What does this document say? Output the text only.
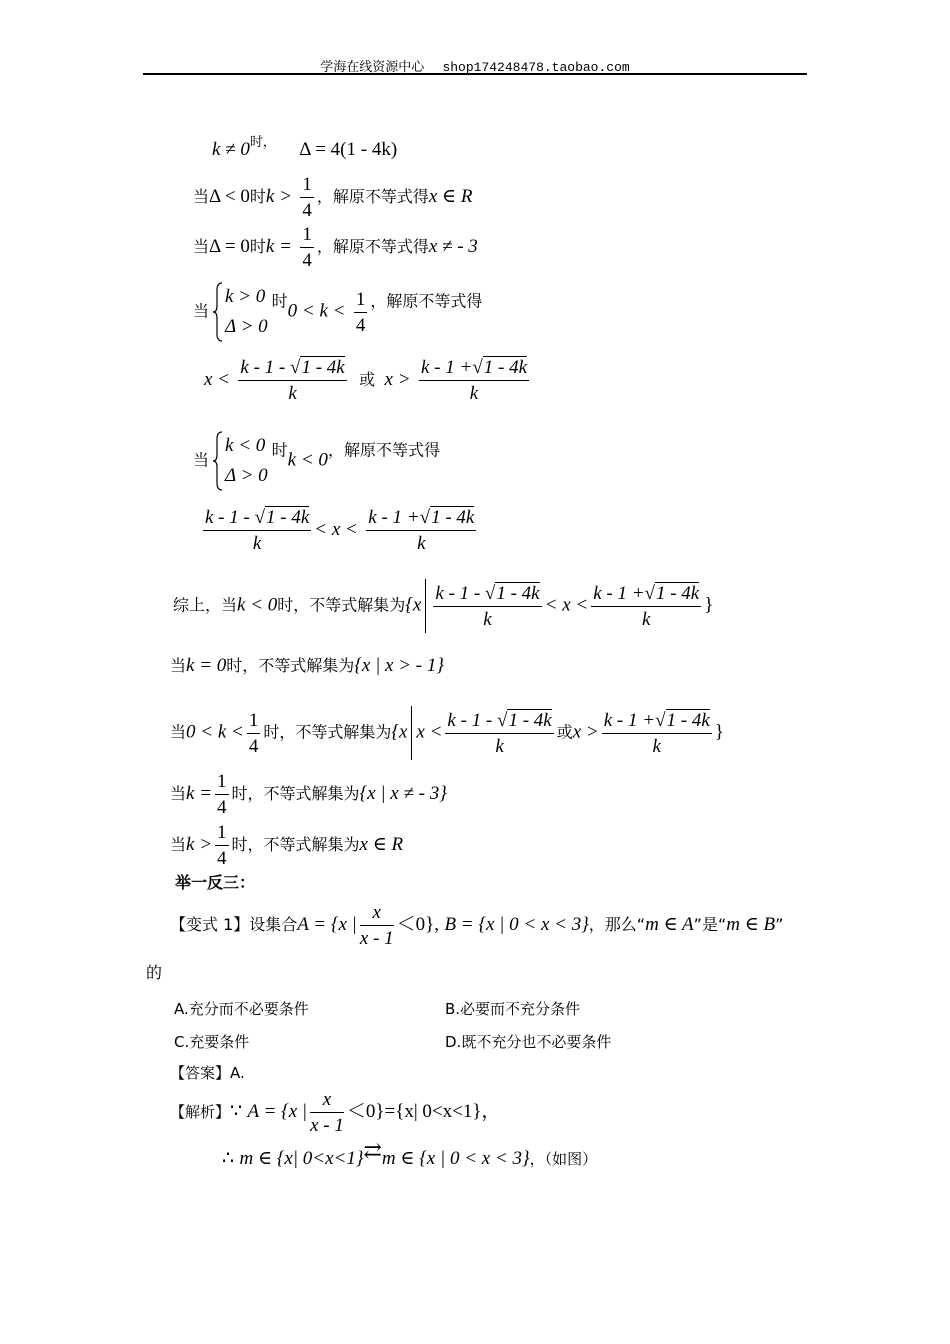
学海在线资源中心 shop174248478.taobao.com
$k \ne 0^{时,}$ Δ = 4(1 - 4k)
当Δ < 0时$k > \frac{1}{4}$ ，解原不等式得x ∈ R
当Δ = 0时$k = \frac{1}{4}$ ，解原不等式得x ≠ - 3
当
k > 0
Δ > 0
时$0 < k < \frac{1}{4}$ ，解原不等式得
$x < \frac{k - 1 - √1 - 4k}{k}$ 或 $x > \frac{k - 1 +√1 - 4k}{k}$
当
k < 0
Δ > 0
时k < 0，解原不等式得
$\frac{k - 1 - √1 - 4k}{k} < x < \frac{k - 1 +√1 - 4k}{k}$
综上，当k < 0时，不等式解集为{$x \frac{k - 1 - √1 - 4k}{k} < x < \frac{k - 1 +√1 - 4k}{k}$ }
当k = 0时，不等式解集为{x | x > - 1}
当$0 < k < \frac{1}{4}$ 时，不等式解集为{x $x < \frac{k - 1 - √1 - 4k}{k}$ 或$x > \frac{k - 1 +√1 - 4k}{k}$ }
当$k = \frac{1}{4}$ 时，不等式解集为{x | x ≠ - 3}
当$k > \frac{1}{4}$ 时，不等式解集为x ∈ R
举一反三：
【变式 1】设集合A = {x | $\frac{x}{x - 1} <0$}, B = {x | 0 < x < 3}，那么“m ∈ A”是“m ∈ B”
的
A.充分而不必要条件	B.必要而不充分条件
C.充要条件	D.既不充分也不必要条件
【答案】A.
【解析】∵ A = {x | $\frac{x}{x - 1} <0\}=\{x|$ 0<x<1}，
∴ m ∈ {x| 0<x<1}⇄m ∈ {x | 0 < x < 3}，（如图）
